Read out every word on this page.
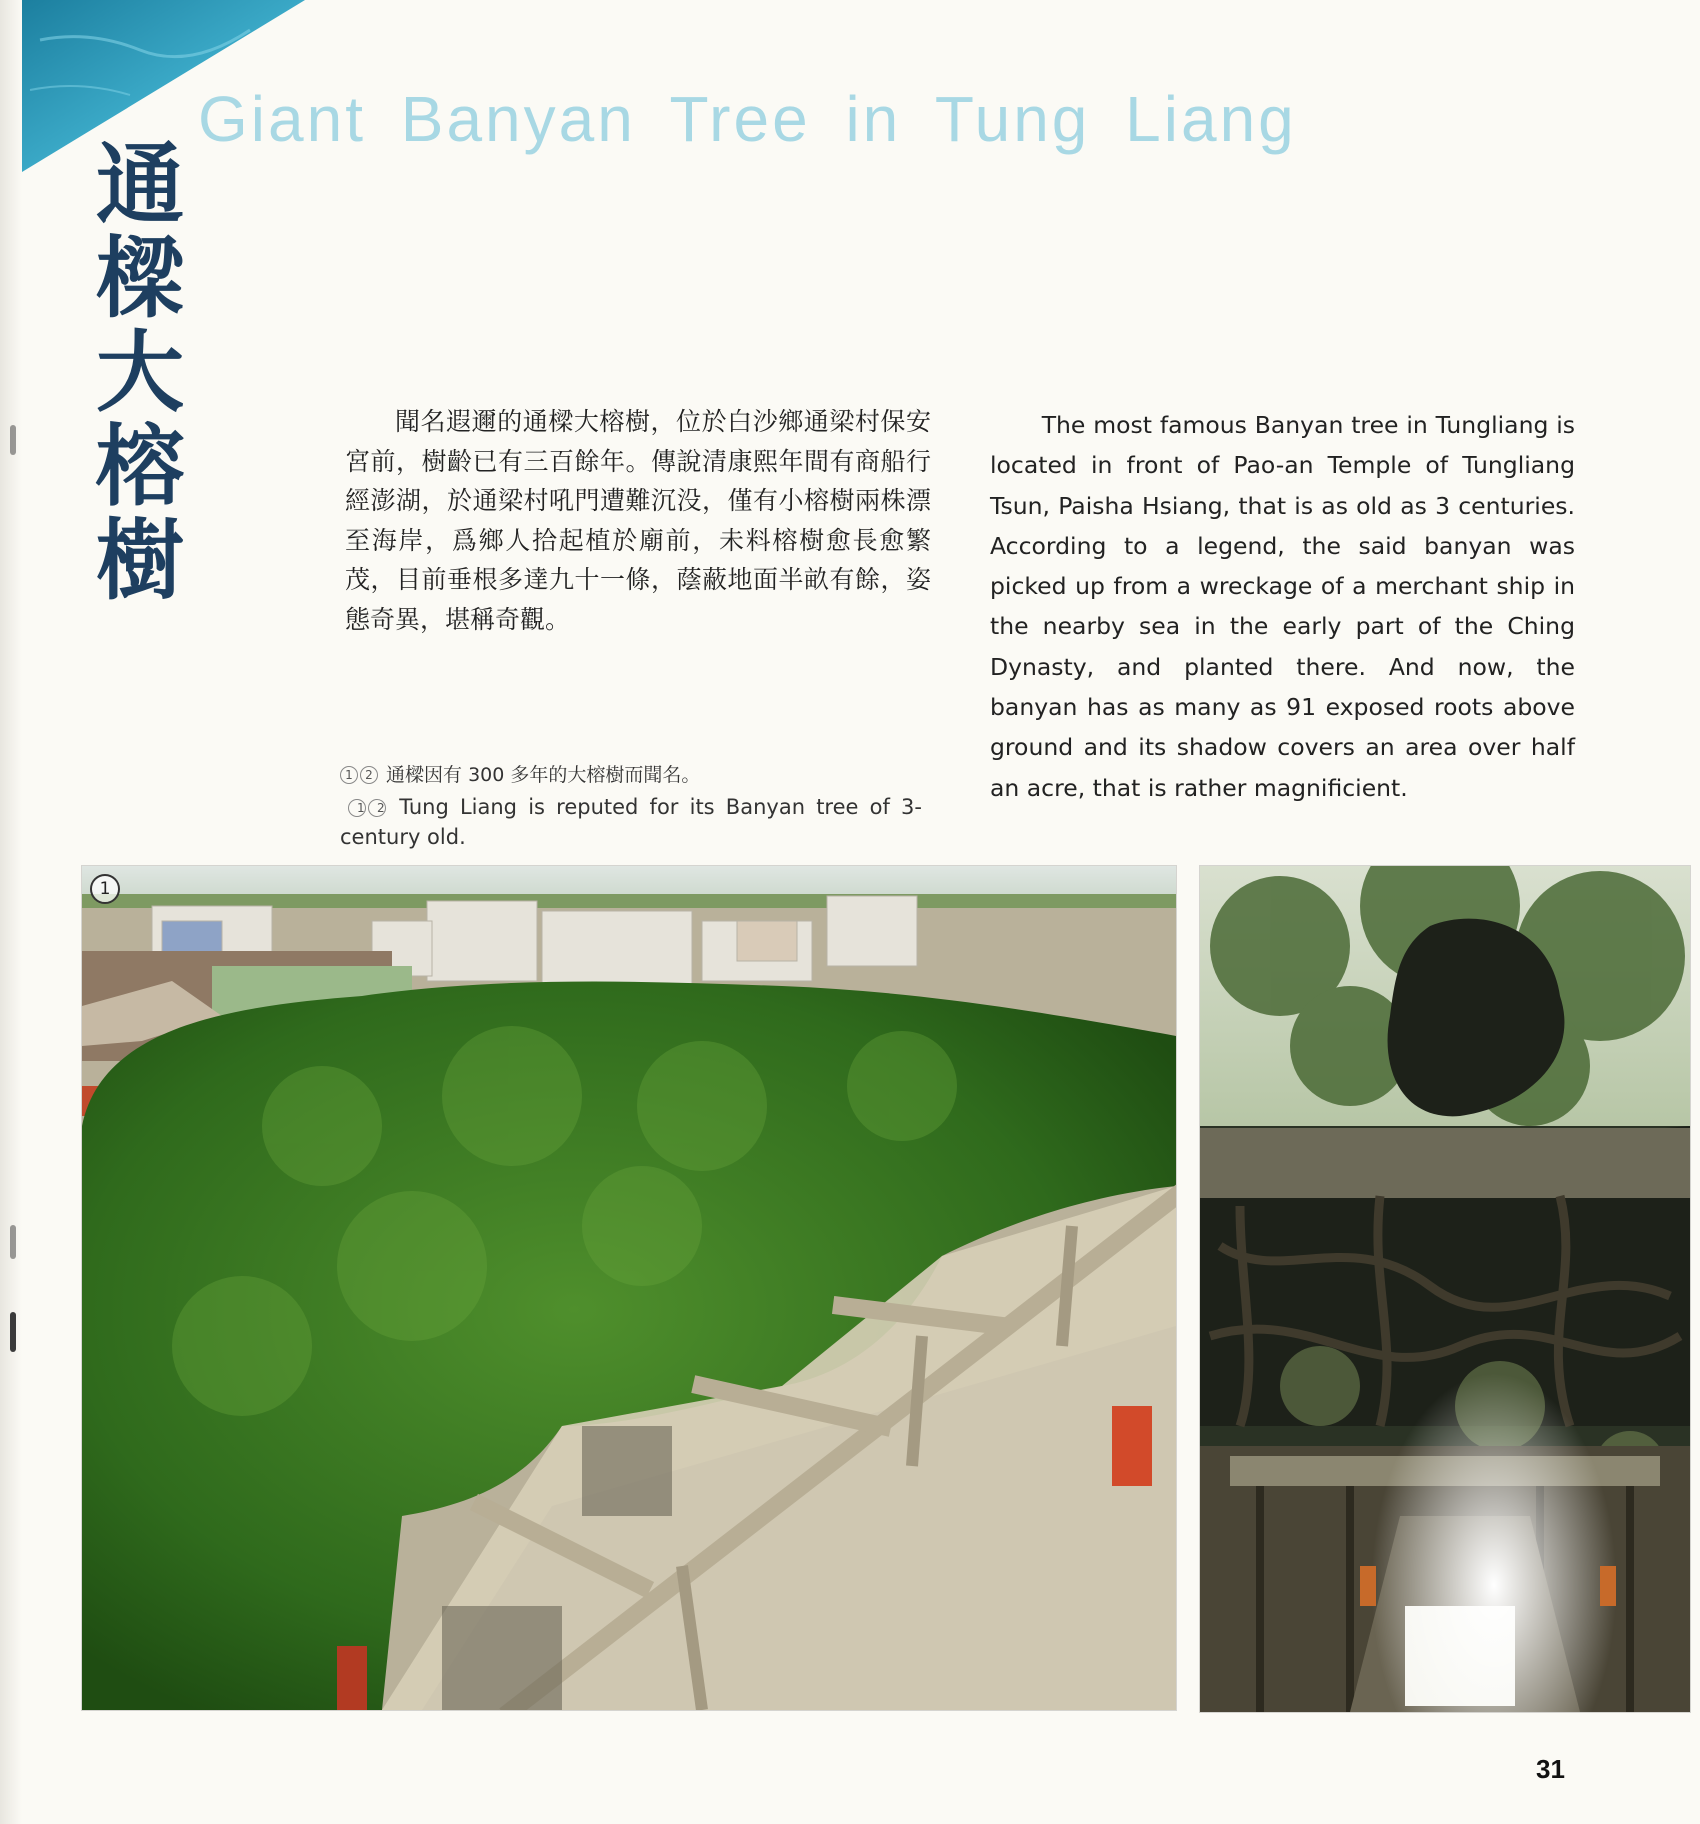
Giant Banyan Tree in Tung Liang
通樑大榕樹

聞名遐邇的通樑大榕樹，位於白沙鄉通梁村保安宮前，樹齡已有三百餘年。傳說清康熙年間有商船行經澎湖，於通梁村吼門遭難沉没，僅有小榕樹兩株漂至海岸，爲鄉人拾起植於廟前，未料榕樹愈長愈繁茂，目前垂根多達九十一條，蔭蔽地面半畝有餘，姿態奇異，堪稱奇觀。

The most famous Banyan tree in Tungliang is located in front of Pao-an Temple of Tungliang Tsun, Paisha Hsiang, that is as old as 3 centuries. According to a legend, the said banyan was picked up from a wreckage of a merchant ship in the nearby sea in the early part of the Ching Dynasty, and planted there. And now, the banyan has as many as 91 exposed roots above ground and its shadow covers an area over half an acre, that is rather magnificient.

1 2 通樑因有 300 多年的大榕樹而聞名。
1 2 Tung Liang is reputed for its Banyan tree of 3-century old.
1
31
